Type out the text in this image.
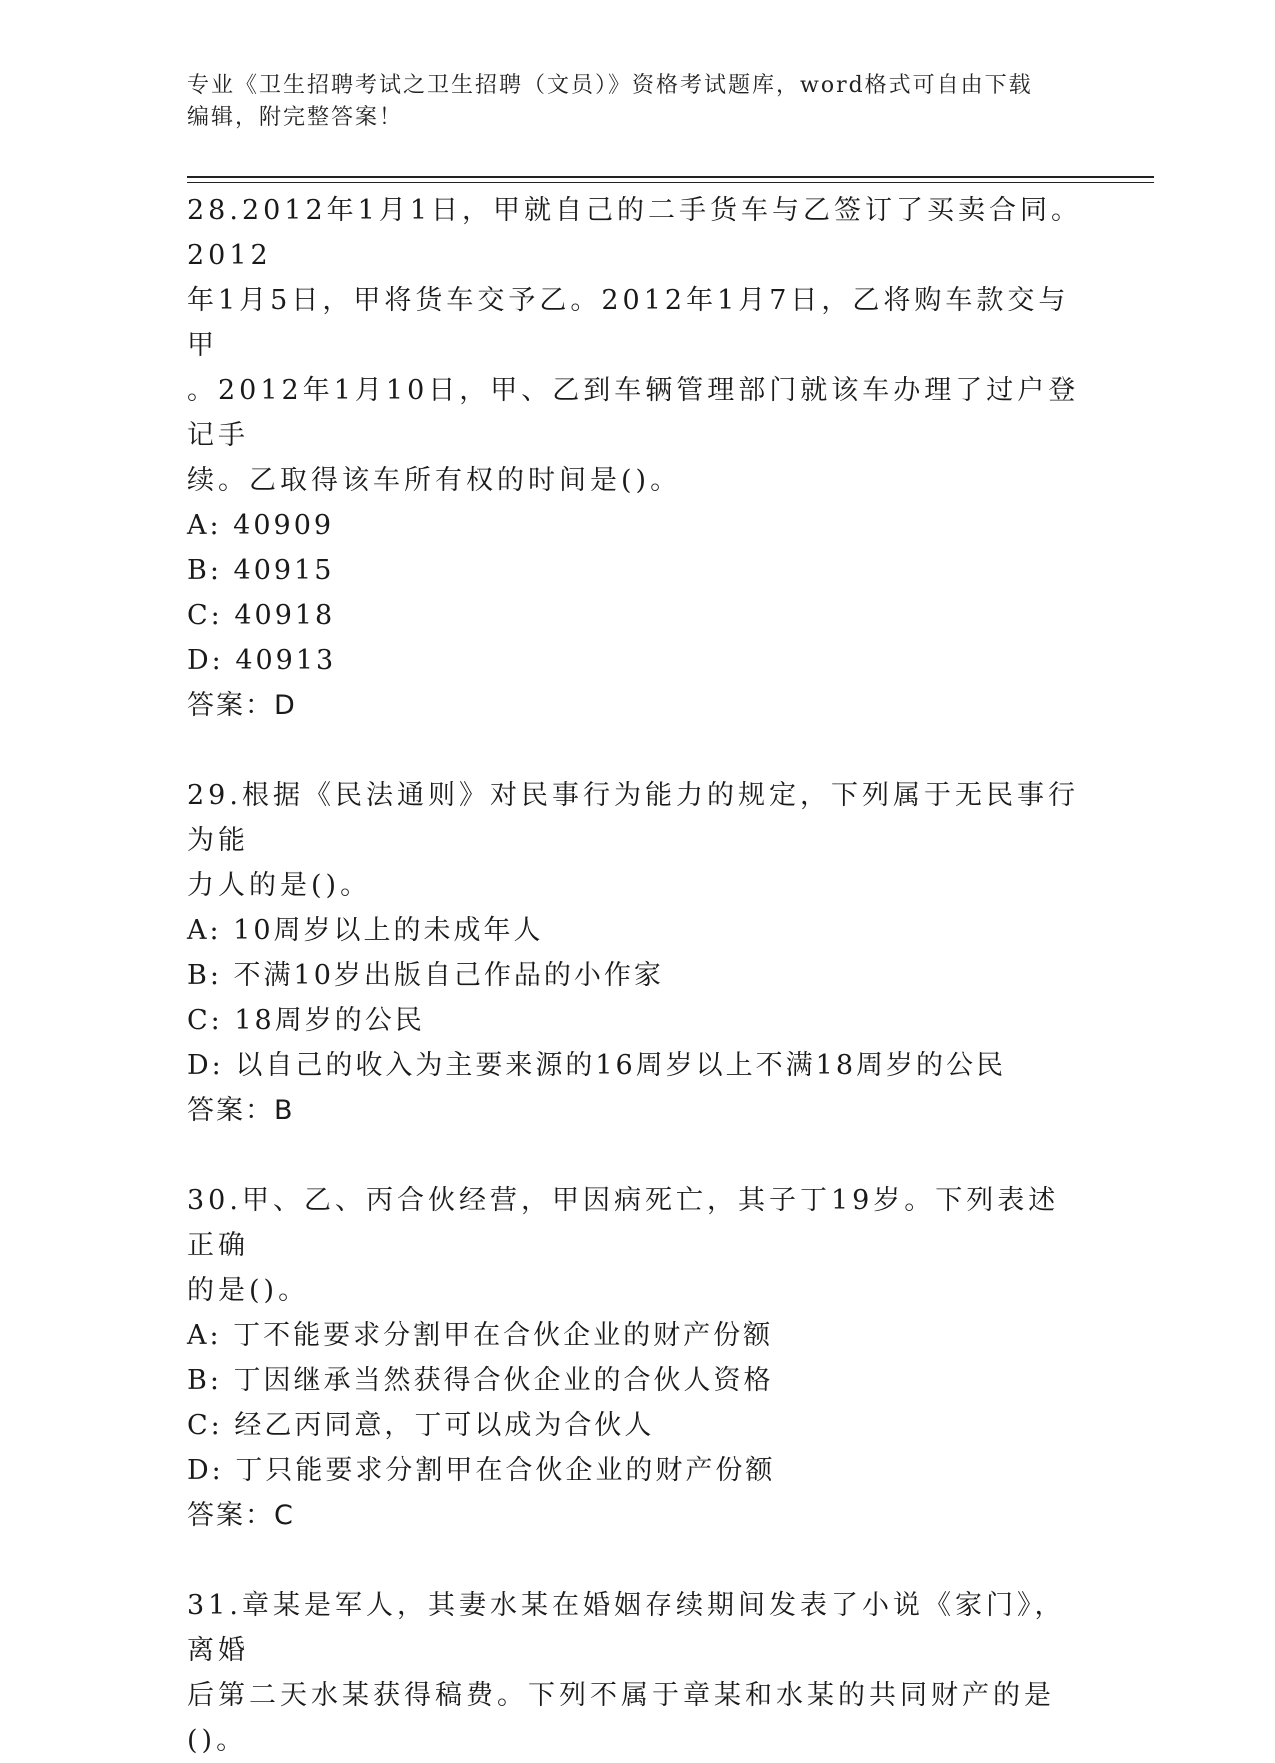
专业《卫生招聘考试之卫生招聘（文员）》资格考试题库，word格式可自由下载
编辑，附完整答案！

28.2012年1月1日，甲就自己的二手货车与乙签订了买卖合同。2012

年1月5日，甲将货车交予乙。2012年1月7日，乙将购车款交与甲

。2012年1月10日，甲、乙到车辆管理部门就该车办理了过户登记手

续。乙取得该车所有权的时间是()。

A: 40909

B: 40915

C: 40918

D: 40913

答案：D

29.根据《民法通则》对民事行为能力的规定，下列属于无民事行为能

力人的是()。

A: 10周岁以上的未成年人

B: 不满10岁出版自己作品的小作家

C: 18周岁的公民

D: 以自己的收入为主要来源的16周岁以上不满18周岁的公民

答案：B

30.甲、乙、丙合伙经营，甲因病死亡，其子丁19岁。下列表述正确

的是()。

A: 丁不能要求分割甲在合伙企业的财产份额

B: 丁因继承当然获得合伙企业的合伙人资格

C: 经乙丙同意，丁可以成为合伙人

D: 丁只能要求分割甲在合伙企业的财产份额

答案：C

31.章某是军人，其妻水某在婚姻存续期间发表了小说《家门》，离婚

后第二天水某获得稿费。下列不属于章某和水某的共同财产的是()。
